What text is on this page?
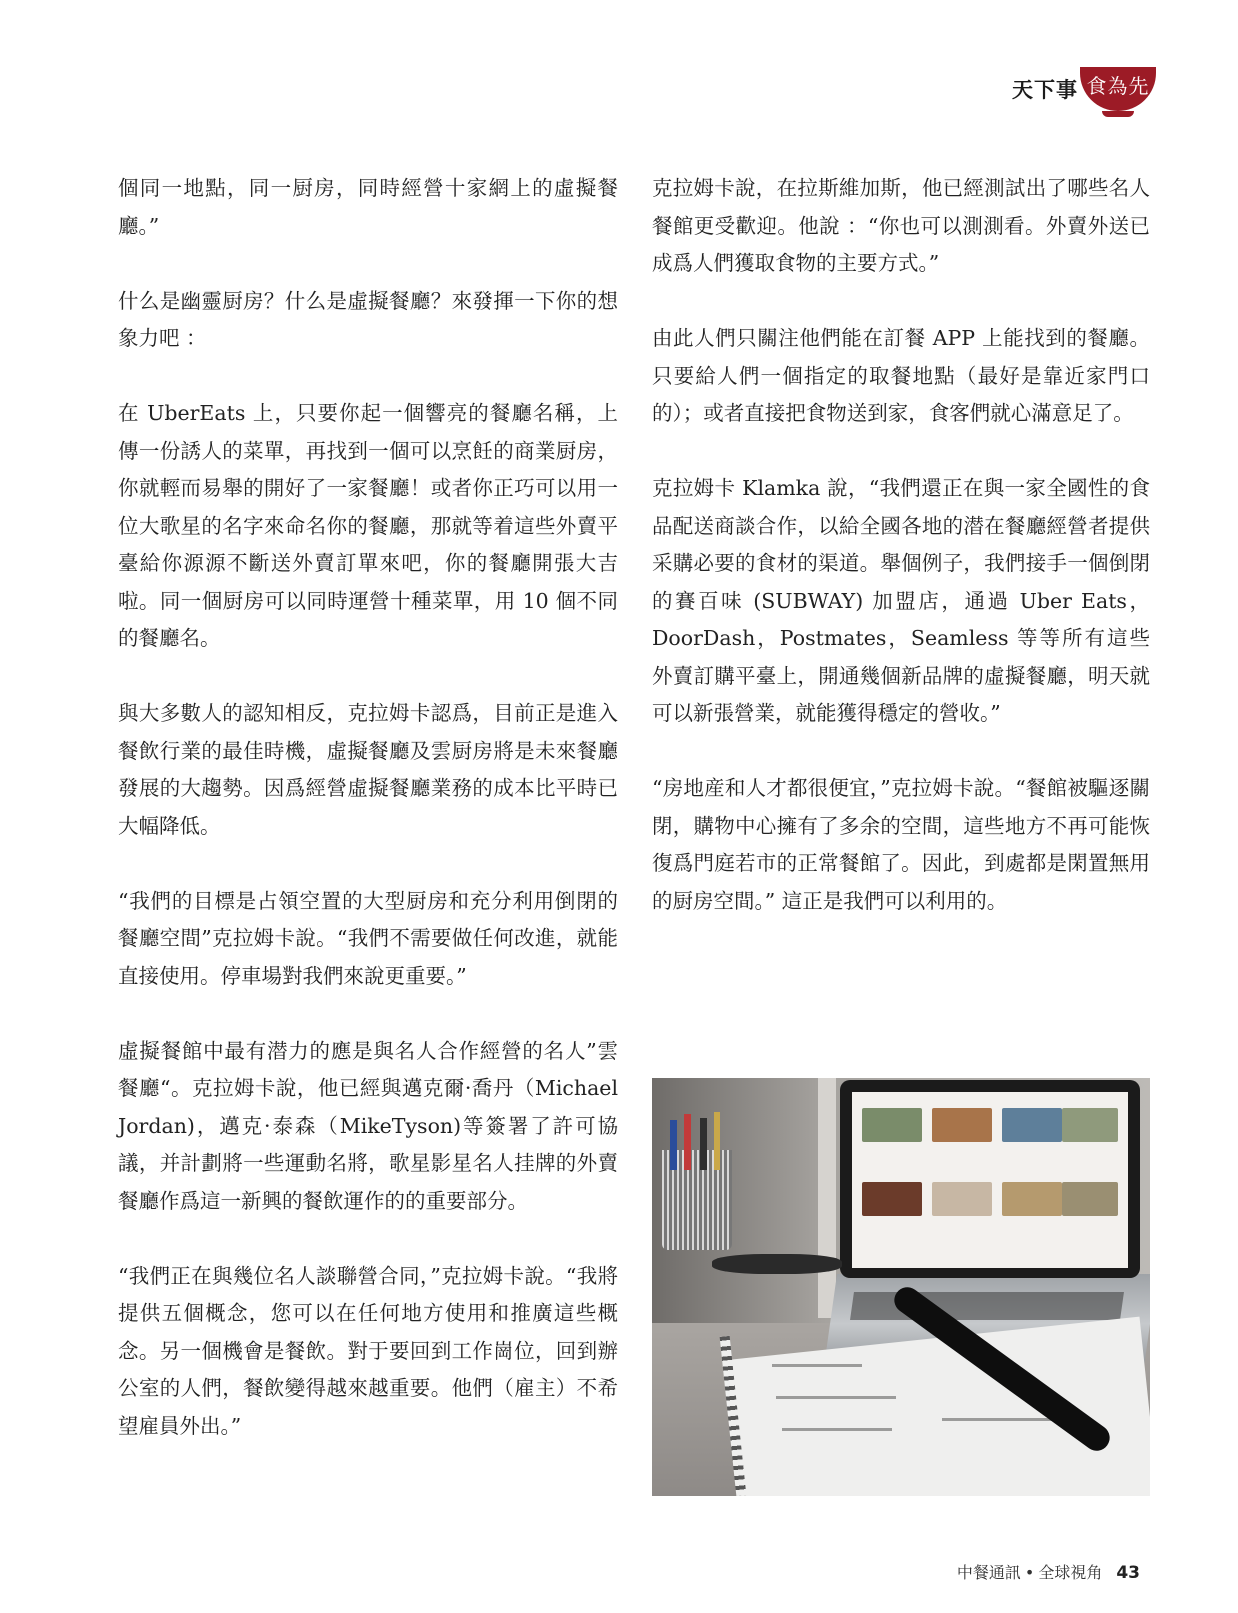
天下事 食為先

個同一地點，同一厨房，同時經營十家網上的虛擬餐廳。”

什么是幽靈厨房？什么是虛擬餐廳？來發揮一下你的想象力吧 ：

在 UberEats 上，只要你起一個響亮的餐廳名稱，上傳一份誘人的菜單，再找到一個可以烹飪的商業厨房，你就輕而易舉的開好了一家餐廳！或者你正巧可以用一位大歌星的名字來命名你的餐廳，那就等着這些外賣平臺給你源源不斷送外賣訂單來吧，你的餐廳開張大吉啦。同一個厨房可以同時運營十種菜單，用 10 個不同的餐廳名。

與大多數人的認知相反，克拉姆卡認爲，目前正是進入餐飲行業的最佳時機，虛擬餐廳及雲厨房將是未來餐廳發展的大趨勢。因爲經營虛擬餐廳業務的成本比平時已大幅降低。

“我們的目標是占領空置的大型厨房和充分利用倒閉的餐廳空間”克拉姆卡說。“我們不需要做任何改進，就能直接使用。停車場對我們來說更重要。”

虛擬餐館中最有潜力的應是與名人合作經營的名人”雲餐廳“。克拉姆卡說，他已經與邁克爾·喬丹（Michael Jordan)，邁克·泰森（MikeTyson)等簽署了許可協議，并計劃將一些運動名將，歌星影星名人挂牌的外賣餐廳作爲這一新興的餐飲運作的的重要部分。

“我們正在與幾位名人談聯營合同，”克拉姆卡說。“我將提供五個概念，您可以在任何地方使用和推廣這些概念。另一個機會是餐飲。對于要回到工作崗位，回到辦公室的人們，餐飲變得越來越重要。他們（雇主）不希望雇員外出。”

克拉姆卡說，在拉斯維加斯，他已經測試出了哪些名人餐館更受歡迎。他說 ：“你也可以測測看。外賣外送已成爲人們獲取食物的主要方式。”

由此人們只關注他們能在訂餐 APP 上能找到的餐廳。只要給人們一個指定的取餐地點（最好是靠近家門口的）；或者直接把食物送到家，食客們就心滿意足了。

克拉姆卡 Klamka 說，“我們還正在與一家全國性的食品配送商談合作，以給全國各地的潜在餐廳經營者提供采購必要的食材的渠道。舉個例子，我們接手一個倒閉的賽百味 (SUBWAY) 加盟店，通過 Uber Eats，DoorDash，Postmates，Seamless 等等所有這些外賣訂購平臺上，開通幾個新品牌的虛擬餐廳，明天就可以新張營業，就能獲得穩定的營收。”

“房地産和人才都很便宜，”克拉姆卡說。“餐館被驅逐關閉，購物中心擁有了多余的空間，這些地方不再可能恢復爲門庭若市的正常餐館了。因此，到處都是閑置無用的厨房空間。” 這正是我們可以利用的。

中餐通訊 • 全球視角 43
